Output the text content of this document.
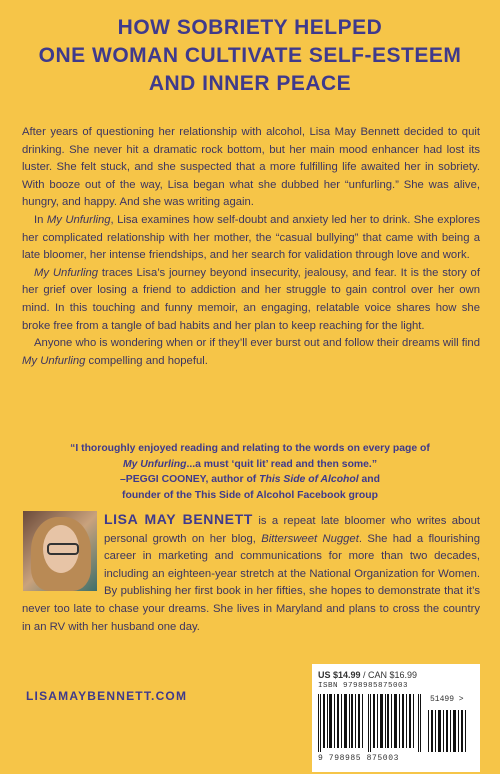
HOW SOBRIETY HELPED
ONE WOMAN CULTIVATE SELF-ESTEEM
AND INNER PEACE

After years of questioning her relationship with alcohol, Lisa May Bennett decided to quit drinking. She never hit a dramatic rock bottom, but her main mood enhancer had lost its luster. She felt stuck, and she suspected that a more fulfilling life awaited her in sobriety. With booze out of the way, Lisa began what she dubbed her “unfurling.” She was alive, hungry, and happy. And she was writing again.

In My Unfurling, Lisa examines how self-doubt and anxiety led her to drink. She explores her complicated relationship with her mother, the “casual bullying” that came with being a late bloomer, her intense friendships, and her search for validation through love and work.

My Unfurling traces Lisa’s journey beyond insecurity, jealousy, and fear. It is the story of her grief over losing a friend to addiction and her struggle to gain control over her own mind. In this touching and funny memoir, an engaging, relatable voice shares how she broke free from a tangle of bad habits and her plan to keep reaching for the light.

Anyone who is wondering when or if they’ll ever burst out and follow their dreams will find My Unfurling compelling and hopeful.

“I thoroughly enjoyed reading and relating to the words on every page of
My Unfurling...a must ‘quit lit’ read and then some.”
–PEGGI COONEY, author of This Side of Alcohol and
founder of the This Side of Alcohol Facebook group
LISA MAY BENNETT is a repeat late bloomer who writes about personal growth on her blog, Bittersweet Nugget. She had a flourishing career in marketing and communications for more than two decades, including an eighteen-year stretch at the National Organization for Women. By publishing her first book in her fifties, she hopes to demonstrate that it’s never too late to chase your dreams. She lives in Maryland and plans to cross the country in an RV with her husband one day.
LISAMAYBENNETT.COM
US $14.99 / CAN $16.99
ISBN 9798985875003
51499 >
9 798985 875003
